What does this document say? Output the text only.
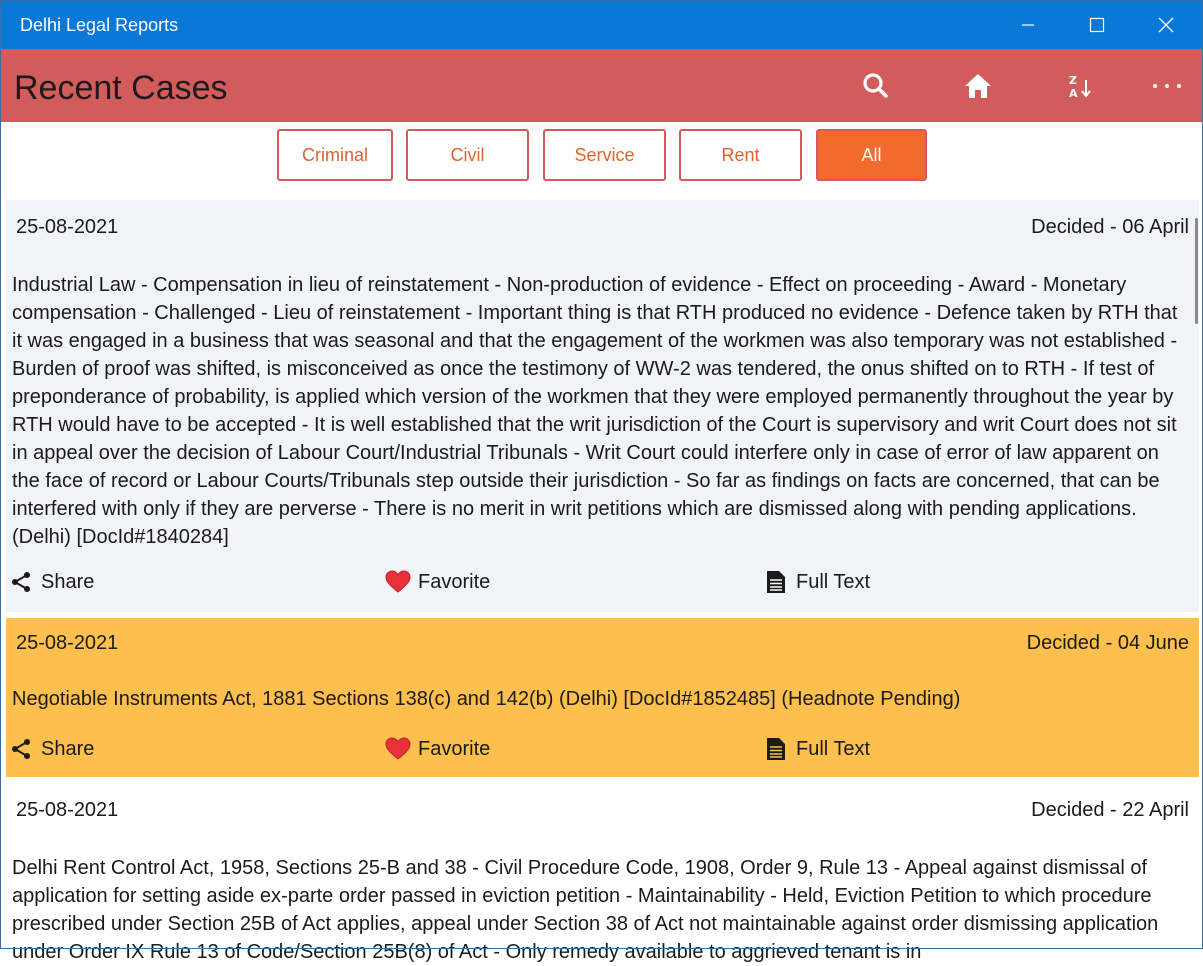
Delhi Legal Reports
Recent Cases	Z
A
Criminal	Civil	Service	Rent	All
25-08-2021	Decided - 06 April
Industrial Law - Compensation in lieu of reinstatement - Non-production of evidence - Effect on proceeding - Award - Monetary compensation - Challenged - Lieu of reinstatement - Important thing is that RTH produced no evidence - Defence taken by RTH that it was engaged in a business that was seasonal and that the engagement of the workmen was also temporary was not established - Burden of proof was shifted, is misconceived as once the testimony of WW-2 was tendered, the onus shifted on to RTH - If test of preponderance of probability, is applied which version of the workmen that they were employed permanently throughout the year by RTH would have to be accepted - It is well established that the writ jurisdiction of the Court is supervisory and writ Court does not sit in appeal over the decision of Labour Court/Industrial Tribunals - Writ Court could interfere only in case of error of law apparent on the face of record or Labour Courts/Tribunals step outside their jurisdiction - So far as findings on facts are concerned, that can be interfered with only if they are perverse - There is no merit in writ petitions which are dismissed along with pending applications. (Delhi) [DocId#1840284]
Share	Favorite	Full Text
25-08-2021	Decided - 04 June
Negotiable Instruments Act, 1881 Sections 138(c) and 142(b) (Delhi) [DocId#1852485] (Headnote Pending)
Share	Favorite	Full Text
25-08-2021	Decided - 22 April
Delhi Rent Control Act, 1958, Sections 25-B and 38 - Civil Procedure Code, 1908, Order 9, Rule 13 - Appeal against dismissal of application for setting aside ex-parte order passed in eviction petition - Maintainability - Held, Eviction Petition to which procedure prescribed under Section 25B of Act applies, appeal under Section 38 of Act not maintainable against order dismissing application under Order IX Rule 13 of Code/Section 25B(8) of Act - Only remedy available to aggrieved tenant is in
